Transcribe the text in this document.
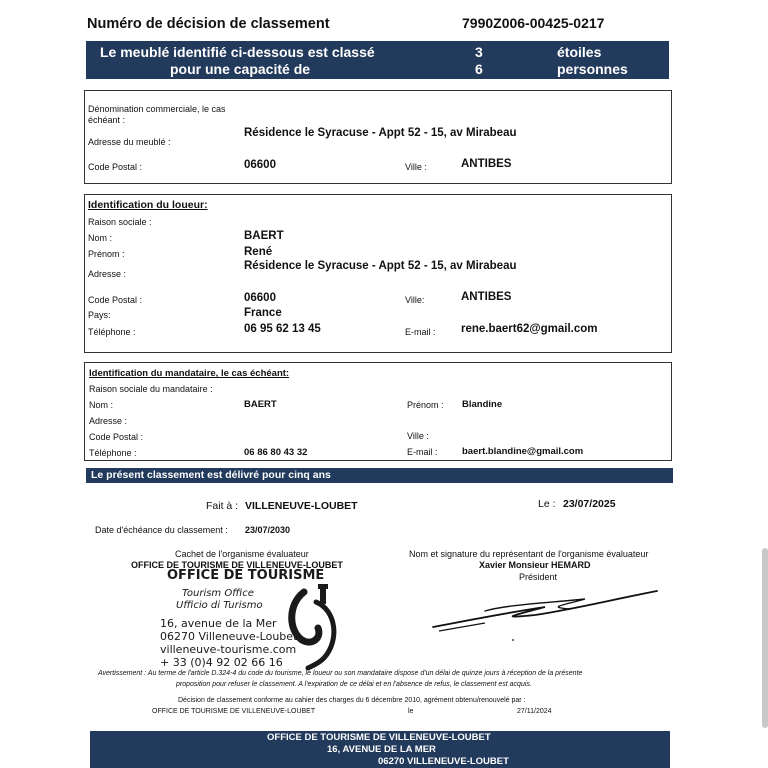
Numéro de décision de classement	7990Z006-00425-0217
Le meublé identifié ci-dessous est classé
pour une capacité de
3	étoiles
6	personnes
Dénomination commerciale, le cas échéant :
Adresse du meublé :
Résidence le Syracuse - Appt 52 - 15, av Mirabeau
Code Postal :	06600	Ville :	ANTIBES
Identification du loueur:
Raison sociale :
Nom :	BAERT
Prénom :	René
Adresse :
Résidence le Syracuse - Appt 52 - 15, av Mirabeau
Code Postal :	06600	Ville:	ANTIBES
Pays:	France
Téléphone :	06 95 62 13 45	E-mail : rene.baert62@gmail.com
Identification du mandataire, le cas échéant:
Raison sociale du mandataire :
Nom :	BAERT	Prénom : Blandine
Adresse :
Code Postal :	Ville :
Téléphone :	06 86 80 43 32	E-mail :	baert.blandine@gmail.com
Le présent classement est délivré pour cinq ans
Fait à : VILLENEUVE-LOUBET	Le : 23/07/2025
Date d'échéance du classement : 23/07/2030
Cachet de l'organisme évaluateur
OFFICE DE TOURISME DE VILLENEUVE-LOUBET
OFFICE DE TOURISME
Tourism Office
Ufficio di Turismo
16, avenue de la Mer
06270 Villeneuve-Loubet
villeneuve-tourisme.com
+ 33 (0)4 92 02 66 16
Nom et signature du représentant de l'organisme évaluateur
Xavier Monsieur HEMARD
Président
Avertissement : Au terme de l'article D.324-4 du code du tourisme, le loueur ou son mandataire dispose d'un délai de quinze jours à réception de la présente
proposition pour refuser le classement. A l'expiration de ce délai et en l'absence de refus, le classement est acquis.
Décision de classement conforme au cahier des charges du 6 décembre 2010, agrément obtenu/renouvelé par :
OFFICE DE TOURISME DE VILLENEUVE-LOUBET	le	27/11/2024
OFFICE DE TOURISME DE VILLENEUVE-LOUBET
16, AVENUE DE LA MER
06270 VILLENEUVE-LOUBET
